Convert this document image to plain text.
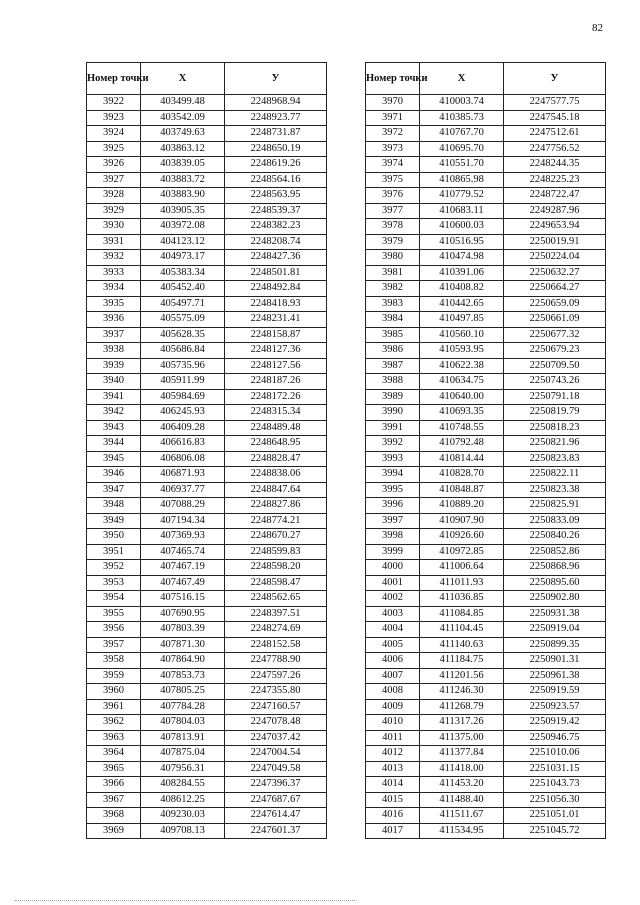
82
Номер точки	X	У
3922	403499.48	2248968.94
3923	403542.09	2248923.77
3924	403749.63	2248731.87
3925	403863.12	2248650.19
3926	403839.05	2248619.26
3927	403883.72	2248564.16
3928	403883.90	2248563.95
3929	403905.35	2248539.37
3930	403972.08	2248382.23
3931	404123.12	2248208.74
3932	404973.17	2248427.36
3933	405383.34	2248501.81
3934	405452.40	2248492.84
3935	405497.71	2248418.93
3936	405575.09	2248231.41
3937	405628.35	2248158.87
3938	405686.84	2248127.36
3939	405735.96	2248127.56
3940	405911.99	2248187.26
3941	405984.69	2248172.26
3942	406245.93	2248315.34
3943	406409.28	2248489.48
3944	406616.83	2248648.95
3945	406806.08	2248828.47
3946	406871.93	2248838.06
3947	406937.77	2248847.64
3948	407088.29	2248827.86
3949	407194.34	2248774.21
3950	407369.93	2248670.27
3951	407465.74	2248599.83
3952	407467.19	2248598.20
3953	407467.49	2248598.47
3954	407516.15	2248562.65
3955	407690.95	2248397.51
3956	407803.39	2248274.69
3957	407871.30	2248152.58
3958	407864.90	2247788.90
3959	407853.73	2247597.26
3960	407805.25	2247355.80
3961	407784.28	2247160.57
3962	407804.03	2247078.48
3963	407813.91	2247037.42
3964	407875.04	2247004.54
3965	407956.31	2247049.58
3966	408284.55	2247396.37
3967	408612.25	2247687.67
3968	409230.03	2247614.47
3969	409708.13	2247601.37
Номер точки	X	У
3970	410003.74	2247577.75
3971	410385.73	2247545.18
3972	410767.70	2247512.61
3973	410695.70	2247756.52
3974	410551.70	2248244.35
3975	410865.98	2248225.23
3976	410779.52	2248722.47
3977	410683.11	2249287.96
3978	410600.03	2249653.94
3979	410516.95	2250019.91
3980	410474.98	2250224.04
3981	410391.06	2250632.27
3982	410408.82	2250664.27
3983	410442.65	2250659.09
3984	410497.85	2250661.09
3985	410560.10	2250677.32
3986	410593.95	2250679.23
3987	410622.38	2250709.50
3988	410634.75	2250743.26
3989	410640.00	2250791.18
3990	410693.35	2250819.79
3991	410748.55	2250818.23
3992	410792.48	2250821.96
3993	410814.44	2250823.83
3994	410828.70	2250822.11
3995	410848.87	2250823.38
3996	410889.20	2250825.91
3997	410907.90	2250833.09
3998	410926.60	2250840.26
3999	410972.85	2250852.86
4000	411006.64	2250868.96
4001	411011.93	2250895.60
4002	411036.85	2250902.80
4003	411084.85	2250931.38
4004	411104.45	2250919.04
4005	411140.63	2250899.35
4006	411184.75	2250901.31
4007	411201.56	2250961.38
4008	411246.30	2250919.59
4009	411268.79	2250923.57
4010	411317.26	2250919.42
4011	411375.00	2250946.75
4012	411377.84	2251010.06
4013	411418.00	2251031.15
4014	411453.20	2251043.73
4015	411488.40	2251056.30
4016	411511.67	2251051.01
4017	411534.95	2251045.72
